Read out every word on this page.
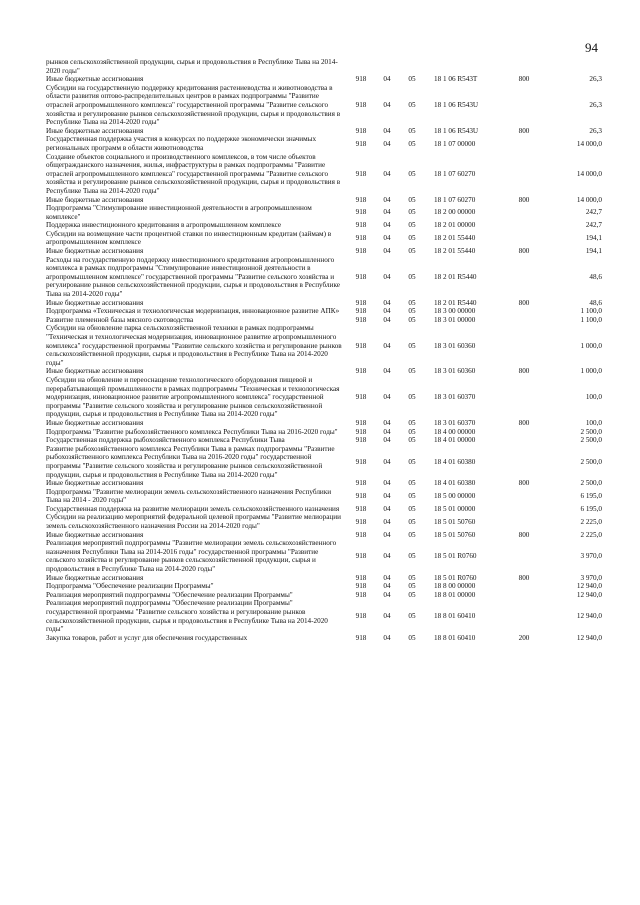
94
рынков сельскохозяйственной продукции, сырья и продовольствия в Республике Тыва на 2014-2020 годы"
Иные бюджетные ассигнования	918	04	05	18 1 06 R543T	800	26,3
Субсидии на государственную поддержку кредитования растениеводства и животноводства в области развития оптово-распределительных центров в рамках подпрограммы "Развитие отраслей агропромышленного комплекса" государственной программы "Развитие сельского хозяйства и регулирование рынков сельскохозяйственной продукции, сырья и продовольствия в Республике Тыва на 2014-2020 годы"
918	04	05	18 1 06 R543U	26,3
Иные бюджетные ассигнования	918	04	05	18 1 06 R543U	800	26,3
Государственная поддержка участия в конкурсах по поддержке экономически значимых региональных программ в области животноводства
918	04	05	18 1 07 00000	14 000,0
Создание объектов социального и производственного комплексов, в том числе объектов общегражданского назначения, жилья, инфраструктуры в рамках подпрограммы "Развитие отраслей агропромышленного комплекса" государственной программы "Развитие сельского хозяйства и регулирование рынков сельскохозяйственной продукции, сырья и продовольствия в Республике Тыва на 2014-2020 годы"
918	04	05	18 1 07 60270	14 000,0
Иные бюджетные ассигнования	918	04	05	18 1 07 60270	800	14 000,0
Подпрограмма "Стимулирование инвестиционной деятельности в агропромышленном комплексе"
918	04	05	18 2 00 00000	242,7
Поддержка инвестиционного кредитования в агропромышленном комплексе	918	04	05	18 2 01 00000	242,7
Субсидии на возмещение части процентной ставки по инвестиционным кредитам (займам) в агропромышленном комплексе
918	04	05	18 2 01 55440	194,1
Иные бюджетные ассигнования	918	04	05	18 2 01 55440	800	194,1
Расходы на государственную поддержку инвестиционного кредитования агропромышленного комплекса в рамках подпрограммы "Стимулирование инвестиционной деятельности в агропромышленном комплексе" государственной программы "Развитие сельского хозяйства и регулирование рынков сельскохозяйственной продукции, сырья и продовольствия в Республике Тыва на 2014-2020 годы"
918	04	05	18 2 01 R5440	48,6
Иные бюджетные ассигнования	918	04	05	18 2 01 R5440	800	48,6
Подпрограмма «Техническая и технологическая модернизация, инновационное развитие АПК»	918	04	05	18 3 00 00000	1 100,0
Развитие племенной базы мясного скотоводства	918	04	05	18 3 01 00000	1 100,0
Субсидии на обновление парка сельскохозяйственной техники в рамках подпрограммы "Техническая и технологическая модернизация, инновационное развитие агропромышленного комплекса" государственной программы "Развитие сельского хозяйства и регулирование рынков сельскохозяйственной продукции, сырья и продовольствия в Республике Тыва на 2014-2020 годы"
918	04	05	18 3 01 60360	1 000,0
Иные бюджетные ассигнования	918	04	05	18 3 01 60360	800	1 000,0
Субсидии на обновление и переоснащение технологического оборудования пищевой и перерабатывающей промышленности в рамках подпрограммы "Техническая и технологическая модернизация, инновационное развитие агропромышленного комплекса" государственной программы "Развитие сельского хозяйства и регулирование рынков сельскохозяйственной продукции, сырья и продовольствия в Республике Тыва на 2014-2020 годы"
918	04	05	18 3 01 60370	100,0
Иные бюджетные ассигнования	918	04	05	18 3 01 60370	800	100,0
Подпрограмма "Развитие рыбохозяйственного комплекса Республики Тыва на 2016-2020 годы"	918	04	05	18 4 00 00000	2 500,0
Государственная поддержка рыбохозяйственного комплекса Республики Тыва	918	04	05	18 4 01 00000	2 500,0
Развитие рыбохозяйственного комплекса Республики Тыва в рамках подпрограммы "Развитие рыбохозяйственного комплекса Республики Тыва на 2016-2020 годы" государственной программы "Развитие сельского хозяйства и регулирование рынков сельскохозяйственной продукции, сырья и продовольствия в Республике Тыва на 2014-2020 годы"
918	04	05	18 4 01 60380	2 500,0
Иные бюджетные ассигнования	918	04	05	18 4 01 60380	800	2 500,0
Подпрограмма "Развитие мелиорации земель сельскохозяйственного назначения Республики Тыва на 2014 - 2020 годы"
918	04	05	18 5 00 00000	6 195,0
Государственная поддержка на развитие мелиорации земель сельскохозяйственного назначения	918	04	05	18 5 01 00000	6 195,0
Субсидии на реализацию мероприятий федеральной целевой программы "Развитие мелиорации земель сельскохозяйственного назначения России на 2014-2020 годы"
918	04	05	18 5 01 50760	2 225,0
Иные бюджетные ассигнования	918	04	05	18 5 01 50760	800	2 225,0
Реализация мероприятий подпрограммы "Развитие мелиорации земель сельскохозяйственного назначения Республики Тыва на 2014-2016 годы" государственной программы "Развитие сельского хозяйства и регулирование рынков сельскохозяйственной продукции, сырья и продовольствия в Республике Тыва на 2014-2020 годы"
918	04	05	18 5 01 R0760	3 970,0
Иные бюджетные ассигнования	918	04	05	18 5 01 R0760	800	3 970,0
Подпрограмма "Обеспечение реализации Программы"	918	04	05	18 8 00 00000	12 940,0
Реализация мероприятий подпрограммы "Обеспечение реализации Программы"	918	04	05	18 8 01 00000	12 940,0
Реализация мероприятий подпрограммы "Обеспечение реализации Программы" государственной программы "Развитие сельского хозяйства и регулирование рынков сельскохозяйственной продукции, сырья и продовольствия в Республике Тыва на 2014-2020 годы"
918	04	05	18 8 01 60410	12 940,0
Закупка товаров, работ и услуг для обеспечения государственных	918	04	05	18 8 01 60410	200	12 940,0
